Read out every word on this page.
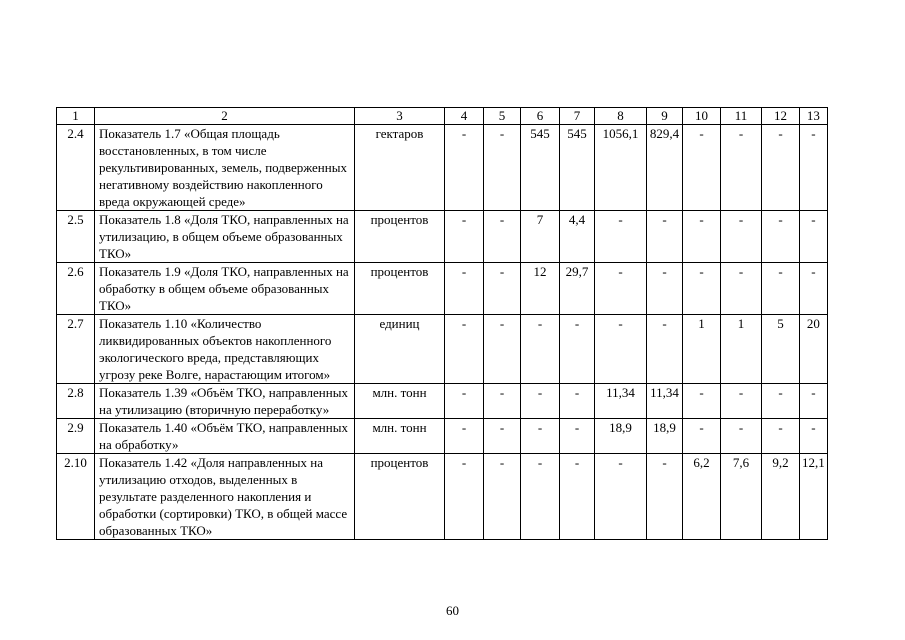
1	2	3	4	5	6	7	8	9	10	11	12	13
2.4	Показатель 1.7 «Общая площадь восстановленных, в том числе рекультивированных, земель, подверженных негативному воздействию накопленного вреда окружающей среде»	гектаров	-	-	545	545	1056,1	829,4	-	-	-	-
2.5	Показатель 1.8 «Доля ТКО, направленных на утилизацию, в общем объеме образованных ТКО»	процентов	-	-	7	4,4	-	-	-	-	-	-
2.6	Показатель 1.9 «Доля ТКО, направленных на обработку в общем объеме образованных ТКО»	процентов	-	-	12	29,7	-	-	-	-	-	-
2.7	Показатель 1.10 «Количество ликвидированных объектов накопленного экологического вреда, представляющих угрозу реке Волге, нарастающим итогом»	единиц	-	-	-	-	-	-	1	1	5	20
2.8	Показатель 1.39 «Объём ТКО, направленных на утилизацию (вторичную переработку»	млн. тонн	-	-	-	-	11,34	11,34	-	-	-	-
2.9	Показатель 1.40 «Объём ТКО, направленных на обработку»	млн. тонн	-	-	-	-	18,9	18,9	-	-	-	-
2.10	Показатель 1.42 «Доля направленных на утилизацию отходов, выделенных в результате разделенного накопления и обработки (сортировки) ТКО, в общей массе образованных ТКО»	процентов	-	-	-	-	-	-	6,2	7,6	9,2	12,1
60
